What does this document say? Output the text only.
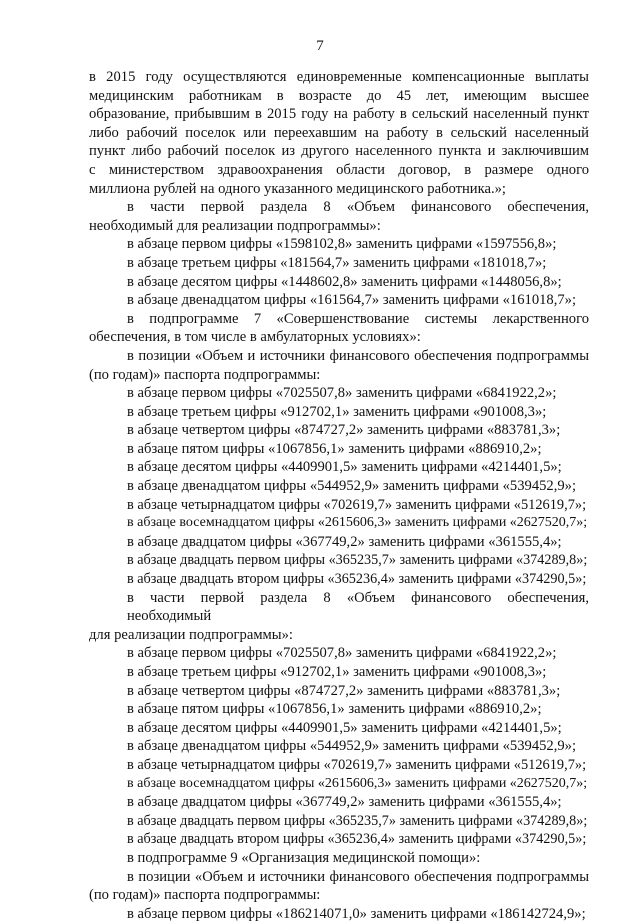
7
в 2015 году осуществляются единовременные компенсационные выплаты
медицинским работникам в возрасте до 45 лет, имеющим высшее
образование, прибывшим в 2015 году на работу в сельский населенный пункт
либо рабочий поселок или переехавшим на работу в сельский населенный
пункт либо рабочий поселок из другого населенного пункта и заключившим
с министерством здравоохранения области договор, в размере одного
миллиона рублей на одного указанного медицинского работника.»;
в части первой раздела 8 «Объем финансового обеспечения,
необходимый для реализации подпрограммы»:
в абзаце первом цифры «1598102,8» заменить цифрами «1597556,8»;
в абзаце третьем цифры «181564,7» заменить цифрами «181018,7»;
в абзаце десятом цифры «1448602,8» заменить цифрами «1448056,8»;
в абзаце двенадцатом цифры «161564,7» заменить цифрами «161018,7»;
в подпрограмме 7 «Совершенствование системы лекарственного
обеспечения, в том числе в амбулаторных условиях»:
в позиции «Объем и источники финансового обеспечения подпрограммы
(по годам)» паспорта подпрограммы:
в абзаце первом цифры «7025507,8» заменить цифрами «6841922,2»;
в абзаце третьем цифры «912702,1» заменить цифрами «901008,3»;
в абзаце четвертом цифры «874727,2» заменить цифрами «883781,3»;
в абзаце пятом цифры «1067856,1» заменить цифрами «886910,2»;
в абзаце десятом цифры «4409901,5» заменить цифрами «4214401,5»;
в абзаце двенадцатом цифры «544952,9» заменить цифрами «539452,9»;
в абзаце четырнадцатом цифры «702619,7» заменить цифрами «512619,7»;
в абзаце восемнадцатом цифры «2615606,3» заменить цифрами «2627520,7»;
в абзаце двадцатом цифры «367749,2» заменить цифрами «361555,4»;
в абзаце двадцать первом цифры «365235,7» заменить цифрами «374289,8»;
в абзаце двадцать втором цифры «365236,4» заменить цифрами «374290,5»;
в части первой раздела 8 «Объем финансового обеспечения, необходимый
для реализации подпрограммы»:
в абзаце первом цифры «7025507,8» заменить цифрами «6841922,2»;
в абзаце третьем цифры «912702,1» заменить цифрами «901008,3»;
в абзаце четвертом цифры «874727,2» заменить цифрами «883781,3»;
в абзаце пятом цифры «1067856,1» заменить цифрами «886910,2»;
в абзаце десятом цифры «4409901,5» заменить цифрами «4214401,5»;
в абзаце двенадцатом цифры «544952,9» заменить цифрами «539452,9»;
в абзаце четырнадцатом цифры «702619,7» заменить цифрами «512619,7»;
в абзаце восемнадцатом цифры «2615606,3» заменить цифрами «2627520,7»;
в абзаце двадцатом цифры «367749,2» заменить цифрами «361555,4»;
в абзаце двадцать первом цифры «365235,7» заменить цифрами «374289,8»;
в абзаце двадцать втором цифры «365236,4» заменить цифрами «374290,5»;
в подпрограмме 9 «Организация медицинской помощи»:
в позиции «Объем и источники финансового обеспечения подпрограммы
(по годам)» паспорта подпрограммы:
в абзаце первом цифры «186214071,0» заменить цифрами «186142724,9»;
